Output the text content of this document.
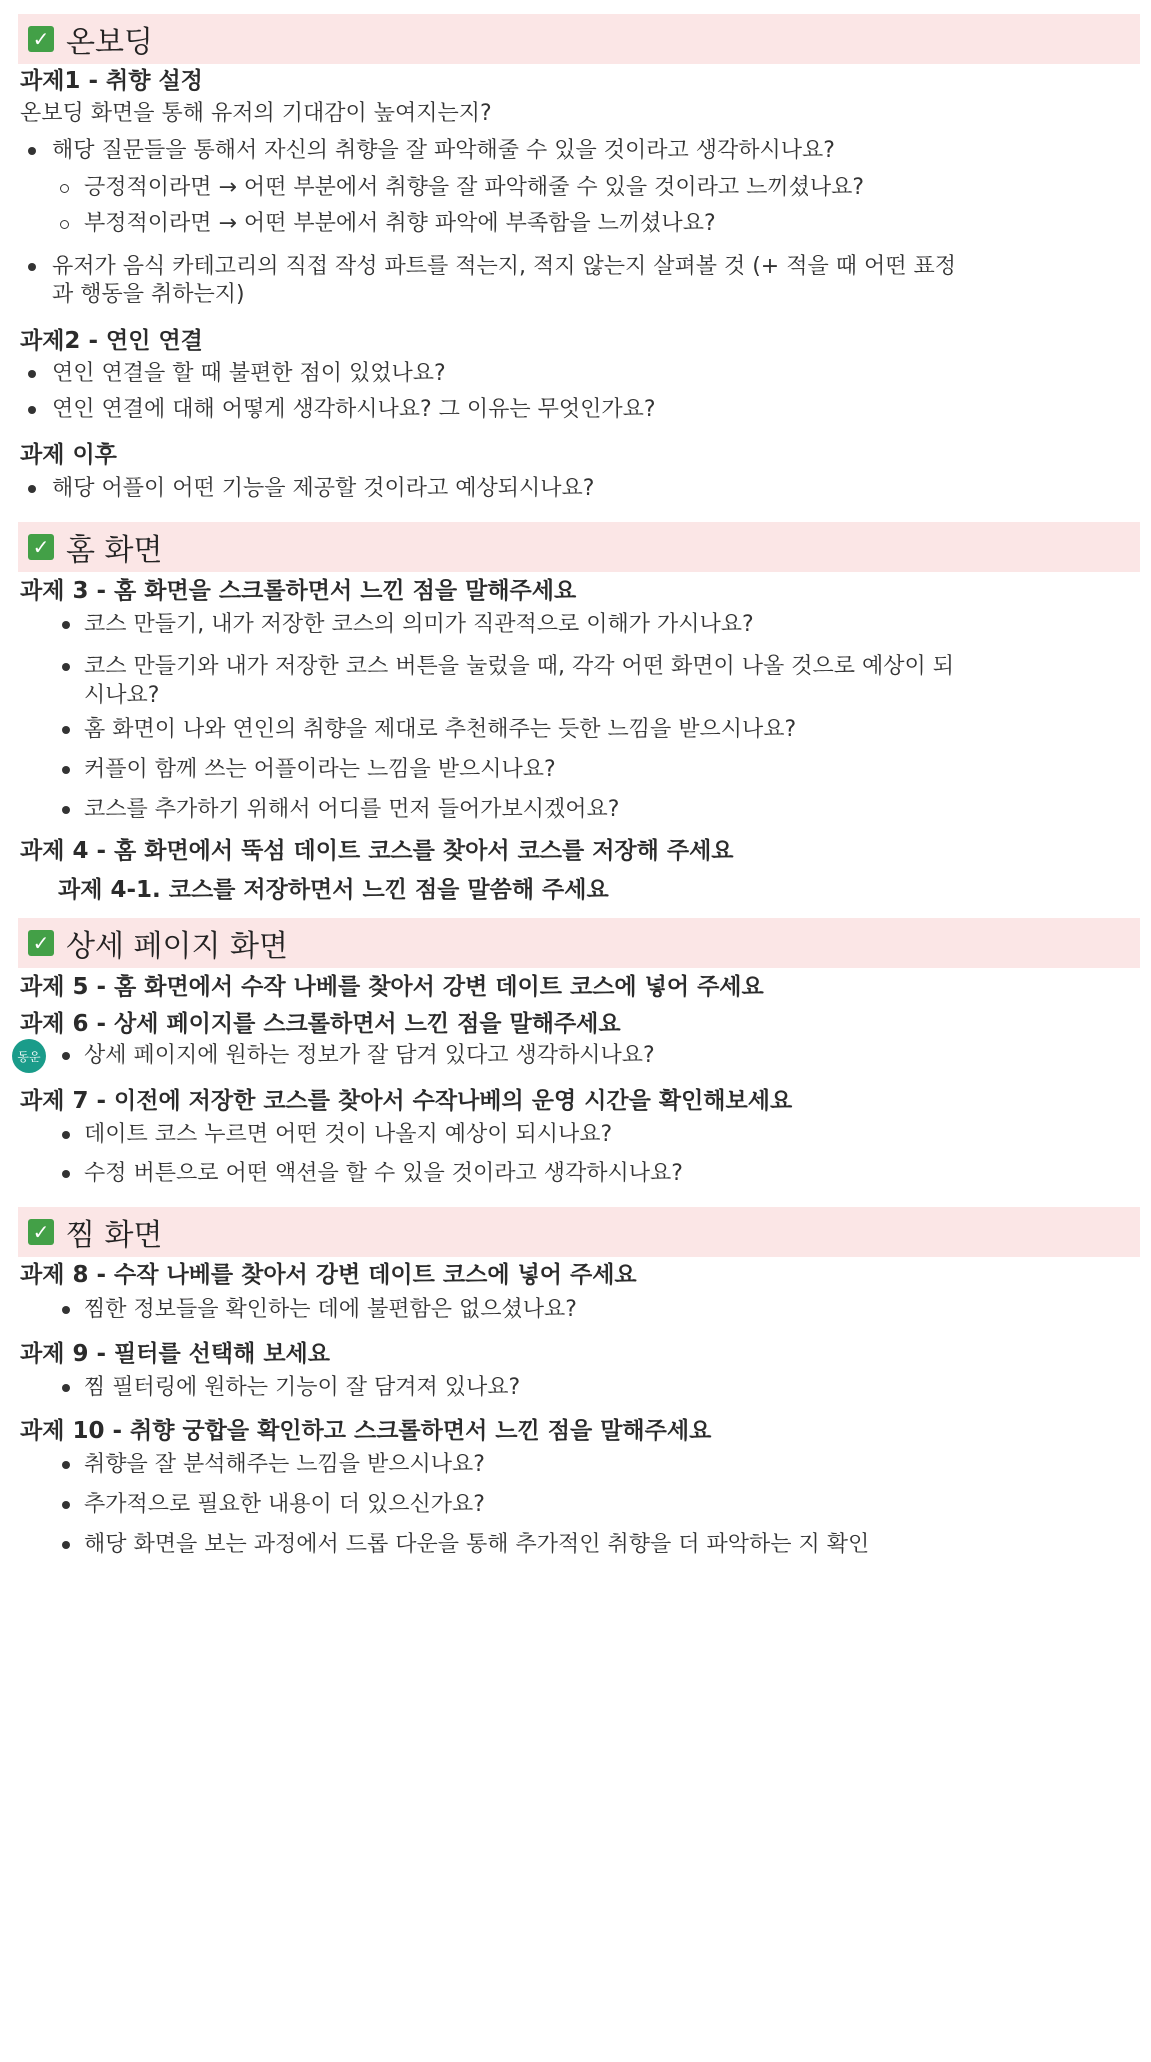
✓ 온보딩
과제1 - 취향 설정
온보딩 화면을 통해 유저의 기대감이 높여지는지?
해당 질문들을 통해서 자신의 취향을 잘 파악해줄 수 있을 것이라고 생각하시나요?
긍정적이라면 → 어떤 부분에서 취향을 잘 파악해줄 수 있을 것이라고 느끼셨나요?
부정적이라면 → 어떤 부분에서 취향 파악에 부족함을 느끼셨나요?
유저가 음식 카테고리의 직접 작성 파트를 적는지, 적지 않는지 살펴볼 것 (+ 적을 때 어떤 표정
과 행동을 취하는지)
과제2 - 연인 연결
연인 연결을 할 때 불편한 점이 있었나요?
연인 연결에 대해 어떻게 생각하시나요? 그 이유는 무엇인가요?
과제 이후
해당 어플이 어떤 기능을 제공할 것이라고 예상되시나요?
✓ 홈 화면
과제 3 - 홈 화면을 스크롤하면서 느낀 점을 말해주세요
코스 만들기, 내가 저장한 코스의 의미가 직관적으로 이해가 가시나요?
코스 만들기와 내가 저장한 코스 버튼을 눌렀을 때, 각각 어떤 화면이 나올 것으로 예상이 되
시나요?
홈 화면이 나와 연인의 취향을 제대로 추천해주는 듯한 느낌을 받으시나요?
커플이 함께 쓰는 어플이라는 느낌을 받으시나요?
코스를 추가하기 위해서 어디를 먼저 들어가보시겠어요?
과제 4 - 홈 화면에서 뚝섬 데이트 코스를 찾아서 코스를 저장해 주세요
과제 4-1. 코스를 저장하면서 느낀 점을 말씀해 주세요
✓ 상세 페이지 화면
과제 5 - 홈 화면에서 수작 나베를 찾아서 강변 데이트 코스에 넣어 주세요
과제 6 - 상세 페이지를 스크롤하면서 느낀 점을 말해주세요
동운 상세 페이지에 원하는 정보가 잘 담겨 있다고 생각하시나요?
과제 7 - 이전에 저장한 코스를 찾아서 수작나베의 운영 시간을 확인해보세요
데이트 코스 누르면 어떤 것이 나올지 예상이 되시나요?
수정 버튼으로 어떤 액션을 할 수 있을 것이라고 생각하시나요?
✓ 찜 화면
과제 8 - 수작 나베를 찾아서 강변 데이트 코스에 넣어 주세요
찜한 정보들을 확인하는 데에 불편함은 없으셨나요?
과제 9 - 필터를 선택해 보세요
찜 필터링에 원하는 기능이 잘 담겨져 있나요?
과제 10 - 취향 궁합을 확인하고 스크롤하면서 느낀 점을 말해주세요
취향을 잘 분석해주는 느낌을 받으시나요?
추가적으로 필요한 내용이 더 있으신가요?
해당 화면을 보는 과정에서 드롭 다운을 통해 추가적인 취향을 더 파악하는 지 확인
